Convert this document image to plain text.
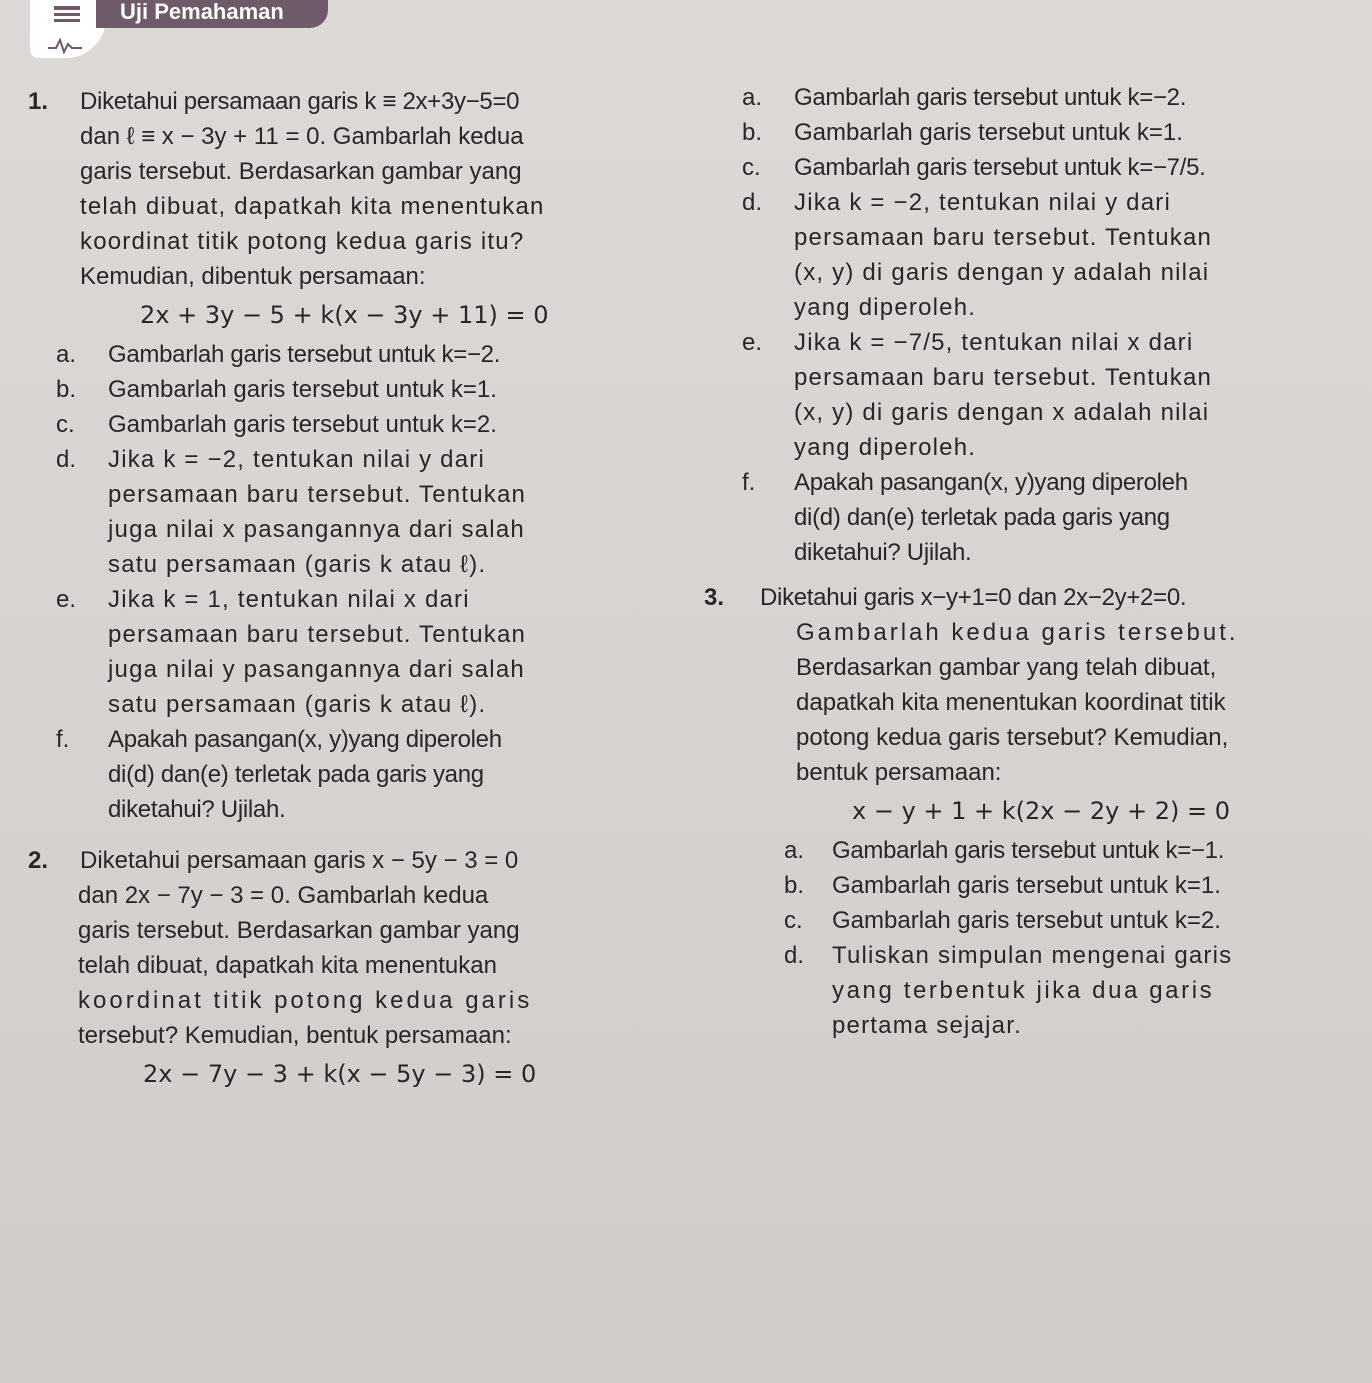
Uji Pemahaman
1.	Diketahui persamaan garis k ≡ 2x+3y−5=0
dan ℓ ≡ x − 3y + 11 = 0. Gambarlah kedua
garis tersebut. Berdasarkan gambar yang
telah dibuat, dapatkah kita menentukan
koordinat titik potong kedua garis itu?
Kemudian, dibentuk persamaan:
2x + 3y − 5 + k(x − 3y + 11) = 0
a.	Gambarlah garis tersebut untuk k=−2.
b.	Gambarlah garis tersebut untuk k=1.
c.	Gambarlah garis tersebut untuk k=2.
d.	Jika k = −2, tentukan nilai y dari
persamaan baru tersebut. Tentukan
juga nilai x pasangannya dari salah
satu persamaan (garis k atau ℓ).
e.	Jika k = 1, tentukan nilai x dari
persamaan baru tersebut. Tentukan
juga nilai y pasangannya dari salah
satu persamaan (garis k atau ℓ).
f.	Apakah pasangan(x, y)yang diperoleh
di(d) dan(e) terletak pada garis yang
diketahui? Ujilah.
2.	Diketahui persamaan garis x − 5y − 3 = 0
dan 2x − 7y − 3 = 0. Gambarlah kedua
garis tersebut. Berdasarkan gambar yang
telah dibuat, dapatkah kita menentukan
koordinat titik potong kedua garis
tersebut? Kemudian, bentuk persamaan:
2x − 7y − 3 + k(x − 5y − 3) = 0
a.	Gambarlah garis tersebut untuk k=−2.
b.	Gambarlah garis tersebut untuk k=1.
c.	Gambarlah garis tersebut untuk k=−7/5.
d.	Jika k = −2, tentukan nilai y dari
persamaan baru tersebut. Tentukan
(x, y) di garis dengan y adalah nilai
yang diperoleh.
e.	Jika k = −7/5, tentukan nilai x dari
persamaan baru tersebut. Tentukan
(x, y) di garis dengan x adalah nilai
yang diperoleh.
f.	Apakah pasangan(x, y)yang diperoleh
di(d) dan(e) terletak pada garis yang
diketahui? Ujilah.
3.	Diketahui garis x−y+1=0 dan 2x−2y+2=0.
Gambarlah kedua garis tersebut.
Berdasarkan gambar yang telah dibuat,
dapatkah kita menentukan koordinat titik
potong kedua garis tersebut? Kemudian,
bentuk persamaan:
x − y + 1 + k(2x − 2y + 2) = 0
a.	Gambarlah garis tersebut untuk k=−1.
b.	Gambarlah garis tersebut untuk k=1.
c.	Gambarlah garis tersebut untuk k=2.
d.	Tuliskan simpulan mengenai garis
yang terbentuk jika dua garis
pertama sejajar.
